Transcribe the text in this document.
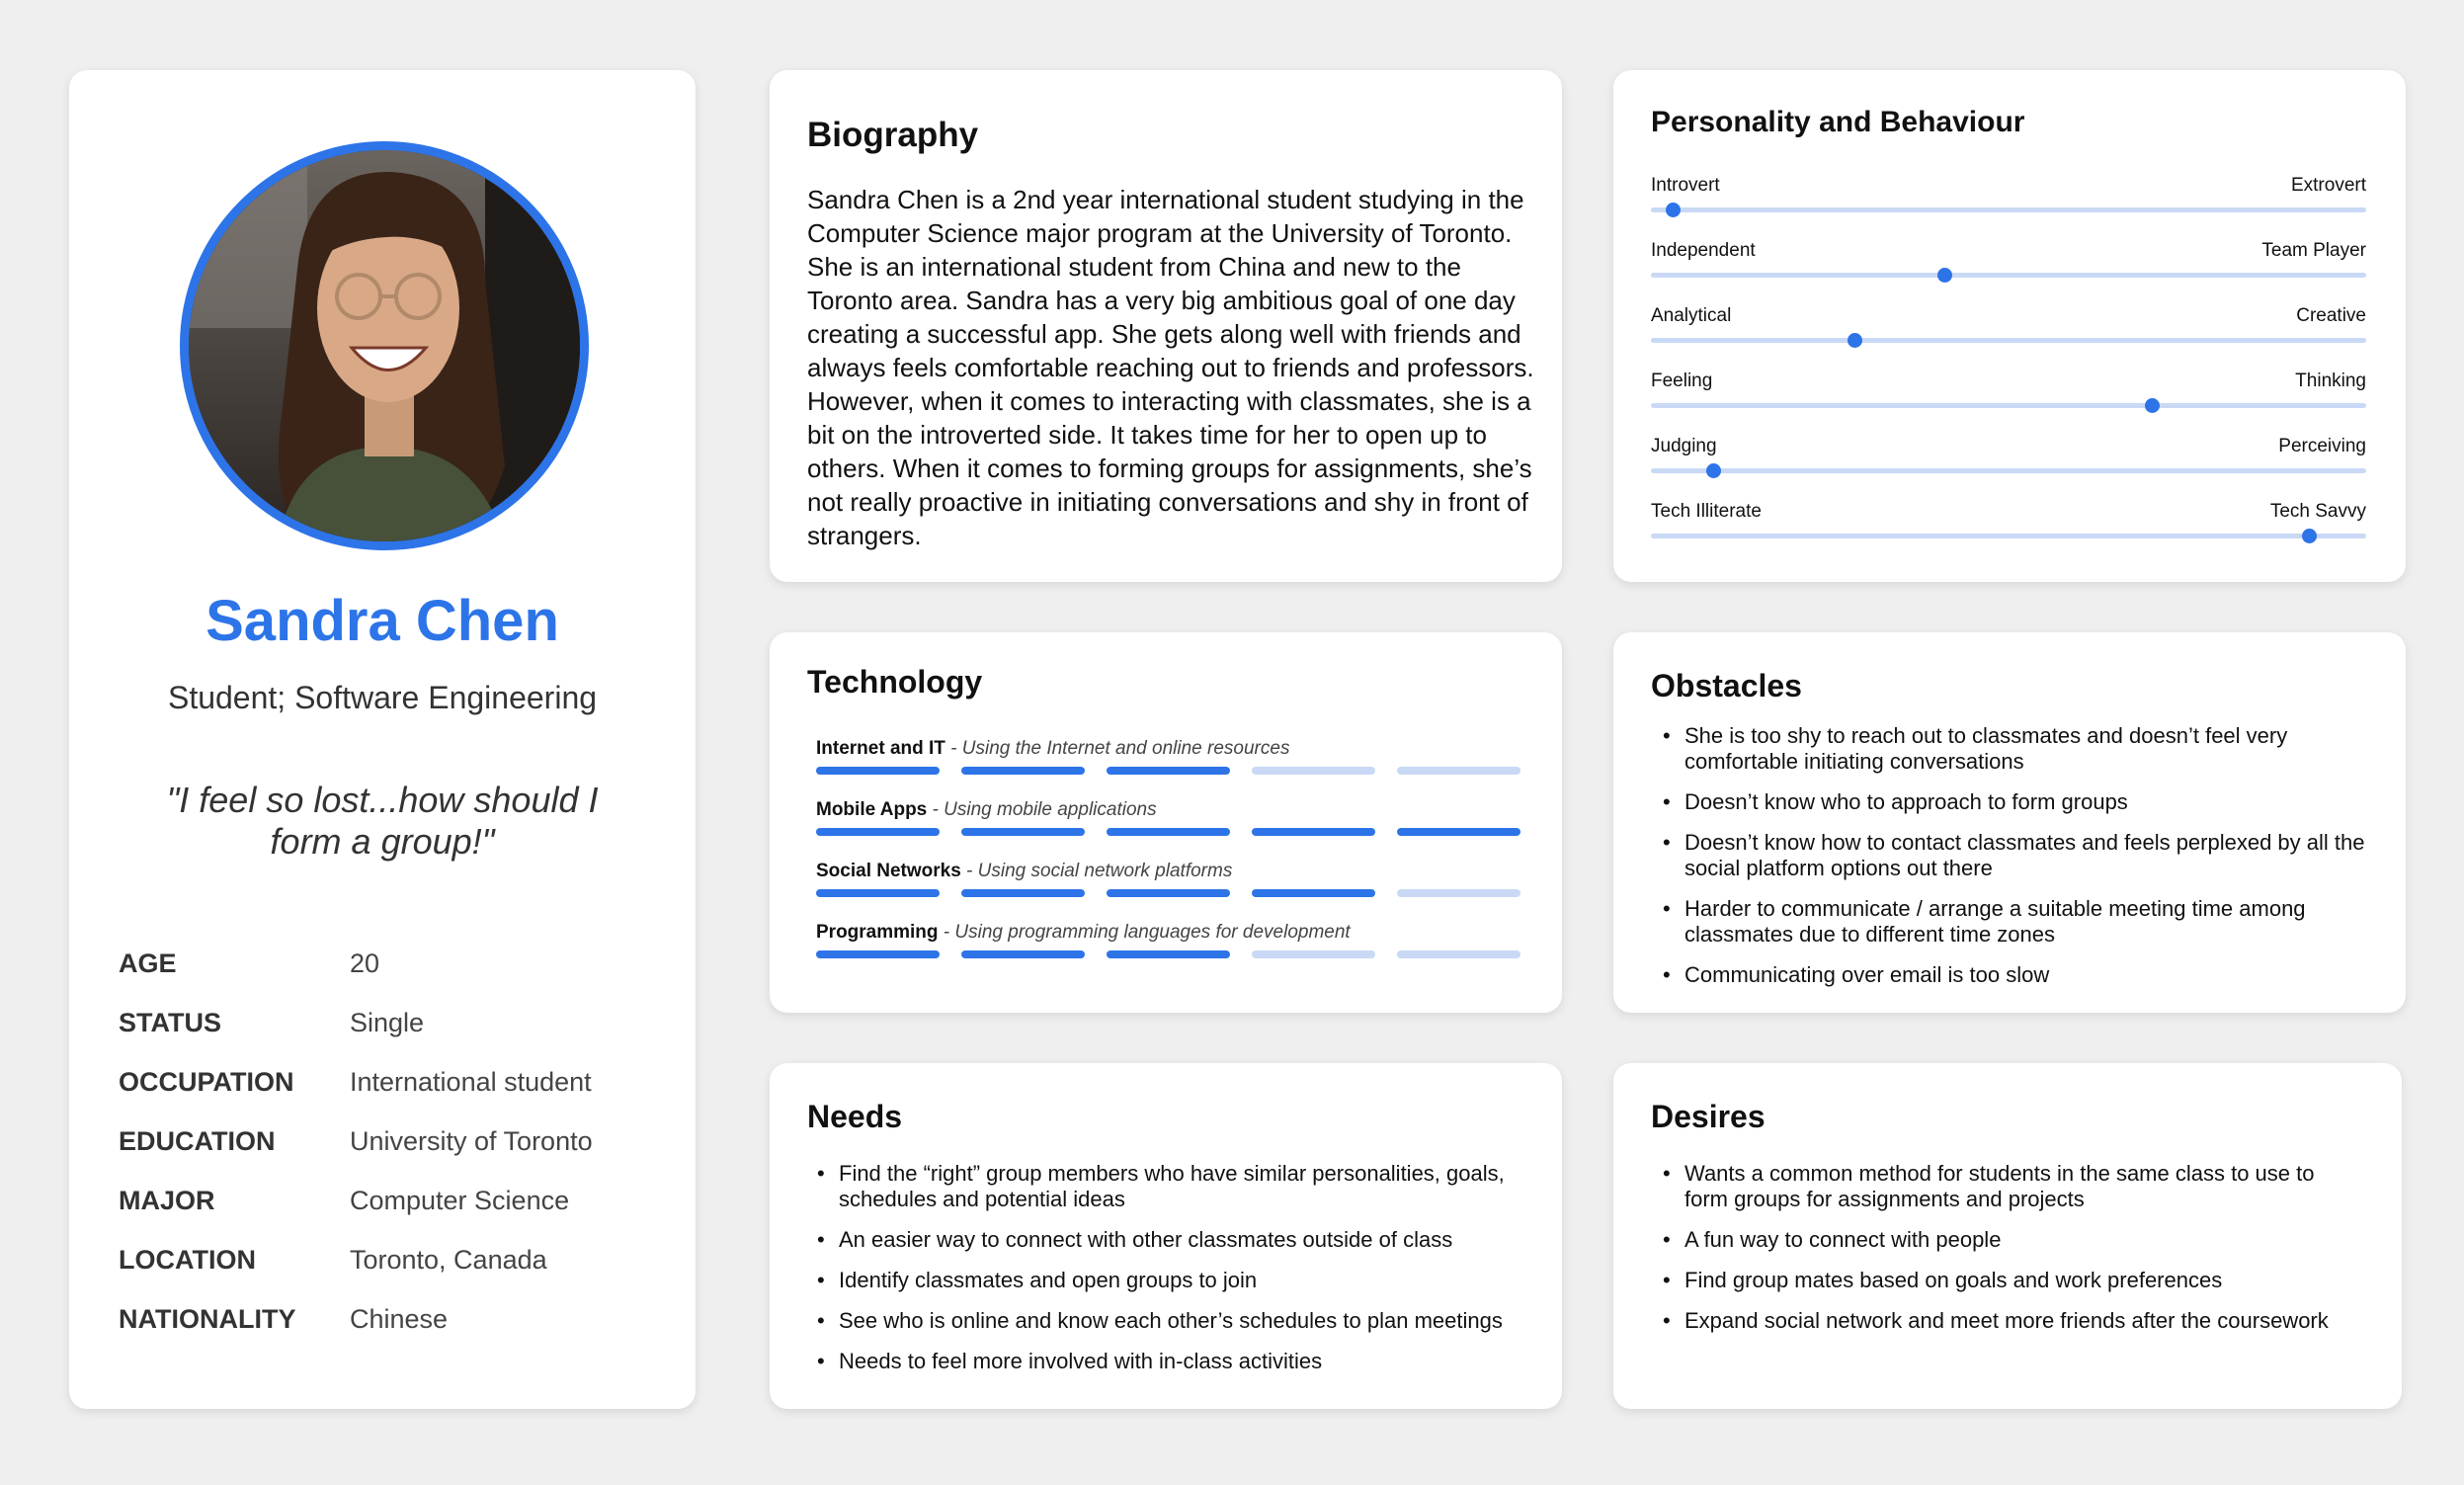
Sandra Chen
Student; Software Engineering
"I feel so lost...how should I form a group!"
AGE	20
STATUS	Single
OCCUPATION International student
EDUCATION	University of Toronto
MAJOR	Computer Science
LOCATION	Toronto, Canada
NATIONALITY Chinese
Biography
Sandra Chen is a 2nd year international student studying in the Computer Science major program at the University of Toronto. She is an international student from China and new to the Toronto area. Sandra has a very big ambitious goal of one day creating a successful app. She gets along well with friends and always feels comfortable reaching out to friends and professors. However, when it comes to interacting with classmates, she is a bit on the introverted side. It takes time for her to open up to others. When it comes to forming groups for assignments, she’s not really proactive in initiating conversations and shy in front of strangers.
Personality and Behaviour
Introvert	Extrovert
Independent	Team Player
Analytical	Creative
Feeling	Thinking
Judging	Perceiving
Tech Illiterate	Tech Savvy
Technology
Internet and IT - Using the Internet and online resources
Mobile Apps - Using mobile applications
Social Networks - Using social network platforms
Programming - Using programming languages for development
Obstacles
• She is too shy to reach out to classmates and doesn’t feel very comfortable initiating conversations
• Doesn’t know who to approach to form groups
• Doesn’t know how to contact classmates and feels perplexed by all the social platform options out there
• Harder to communicate / arrange a suitable meeting time among classmates due to different time zones
• Communicating over email is too slow
Needs
• Find the “right” group members who have similar personalities, goals, schedules and potential ideas
• An easier way to connect with other classmates outside of class
• Identify classmates and open groups to join
• See who is online and know each other’s schedules to plan meetings
• Needs to feel more involved with in-class activities
Desires
• Wants a common method for students in the same class to use to form groups for assignments and projects
• A fun way to connect with people
• Find group mates based on goals and work preferences
• Expand social network and meet more friends after the coursework
